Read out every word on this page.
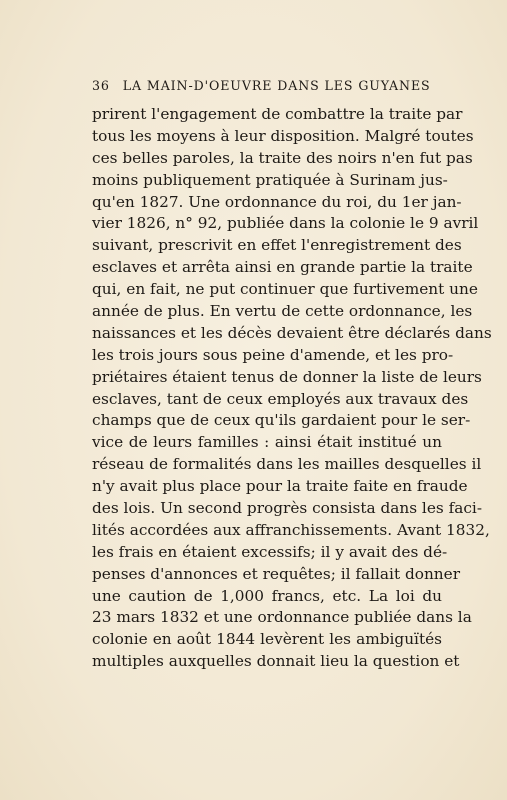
36 LA MAIN-D'OEUVRE DANS LES GUYANES
prirent l'engagement de combattre la traite par
tous les moyens à leur disposition. Malgré toutes
ces belles paroles, la traite des noirs n'en fut pas
moins publiquement pratiquée à Surinam jus-
qu'en 1827. Une ordonnance du roi, du 1er jan-
vier 1826, n° 92, publiée dans la colonie le 9 avril
suivant, prescrivit en effet l'enregistrement des
esclaves et arrêta ainsi en grande partie la traite
qui, en fait, ne put continuer que furtivement une
année de plus. En vertu de cette ordonnance, les
naissances et les décès devaient être déclarés dans
les trois jours sous peine d'amende, et les pro-
priétaires étaient tenus de donner la liste de leurs
esclaves, tant de ceux employés aux travaux des
champs que de ceux qu'ils gardaient pour le ser-
vice de leurs familles : ainsi était institué un
réseau de formalités dans les mailles desquelles il
n'y avait plus place pour la traite faite en fraude
des lois. Un second progrès consista dans les faci-
lités accordées aux affranchissements. Avant 1832,
les frais en étaient excessifs; il y avait des dé-
penses d'annonces et requêtes; il fallait donner
une caution de 1,000 francs, etc. La loi du
23 mars 1832 et une ordonnance publiée dans la
colonie en août 1844 levèrent les ambiguïtés
multiples auxquelles donnait lieu la question et
